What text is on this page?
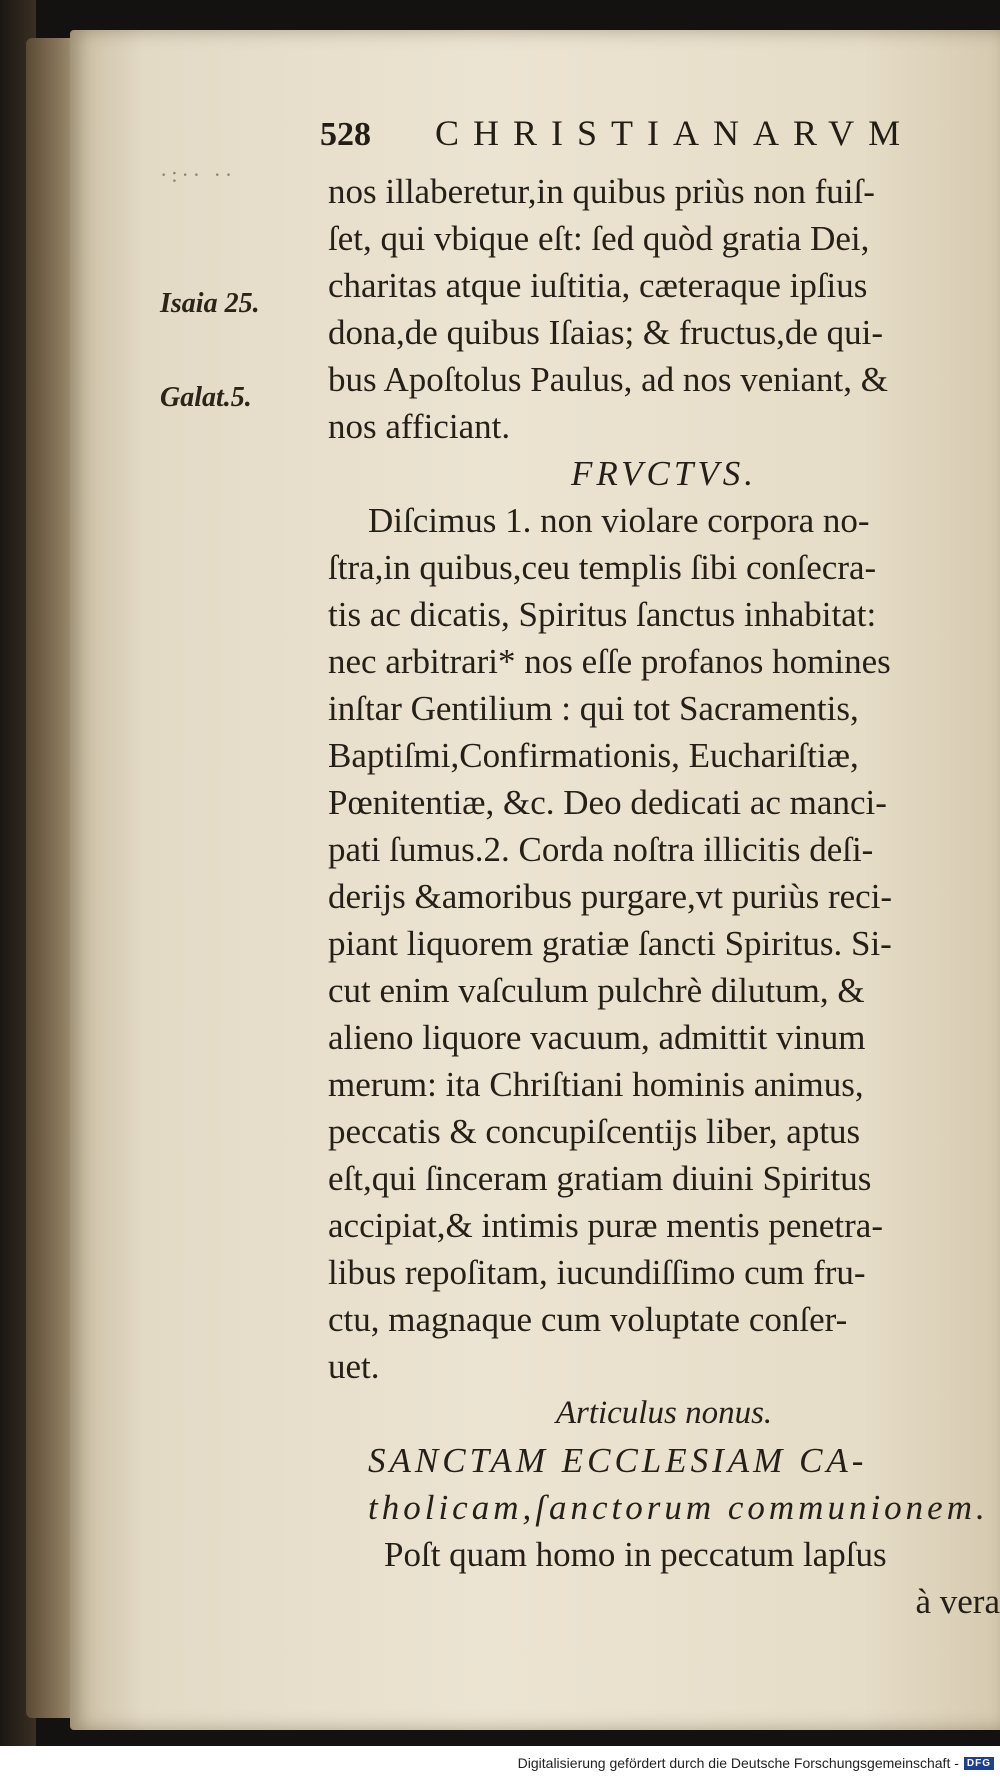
·:·· ··
Isaia 25.
Galat.5.
528 CHRISTIANARVM
nos illaberetur,in quibus priùs non fuiſ-
ſet, qui vbique eſt: ſed quòd gratia Dei,
charitas atque iuſtitia, cæteraque ipſius
dona,de quibus Iſaias; & fructus,de qui-
bus Apoſtolus Paulus, ad nos veniant, &
nos afficiant.
FRVCTVS.
Diſcimus 1. non violare corpora no-
ſtra,in quibus,ceu templis ſibi conſecra-
tis ac dicatis, Spiritus ſanctus inhabitat:
nec arbitrari* nos eſſe profanos homines
inſtar Gentilium : qui tot Sacramentis,
Baptiſmi,Confirmationis, Euchariſtiæ,
Pœnitentiæ, &c. Deo dedicati ac manci-
pati ſumus.2. Corda noſtra illicitis deſi-
derijs &amoribus purgare,vt puriùs reci-
piant liquorem gratiæ ſancti Spiritus. Si-
cut enim vaſculum pulchrè dilutum, &
alieno liquore vacuum, admittit vinum
merum: ita Chriſtiani hominis animus,
peccatis & concupiſcentijs liber, aptus
eſt,qui ſinceram gratiam diuini Spiritus
accipiat,& intimis puræ mentis penetra-
libus repoſitam, iucundiſſimo cum fru-
ctu, magnaque cum voluptate conſer-
uet.
Articulus nonus.
SANCTAM ECCLESIAM CA-
tholicam,ſanctorum communionem.
Poſt quam homo in peccatum lapſus
à vera
Digitalisierung gefördert durch die Deutsche Forschungsgemeinschaft - DFG
